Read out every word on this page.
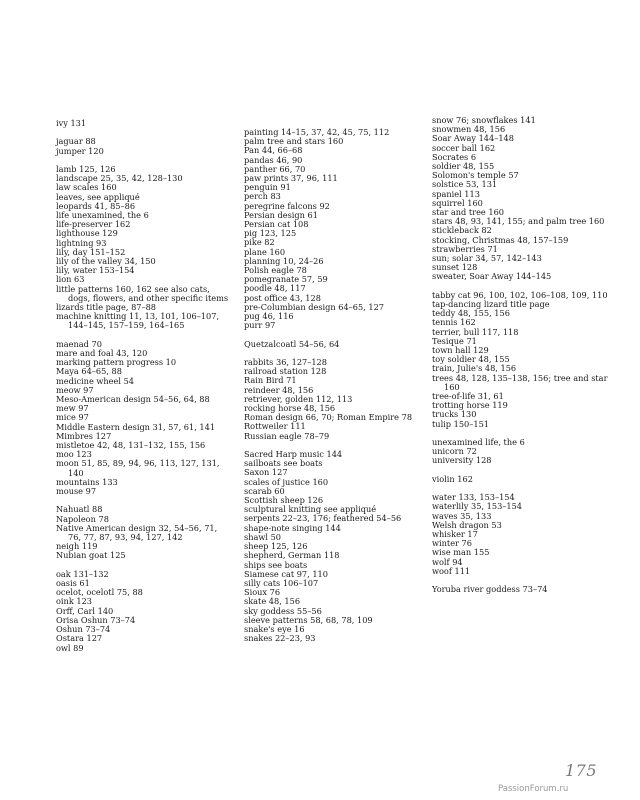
ivy 131
jaguar 88
jumper 120
lamb 125, 126
landscape 25, 35, 42, 128–130
law scales 160
leaves, see appliqué
leopards 41, 85–86
life unexamined, the 6
life-preserver 162
lighthouse 129
lightning 93
lily, day 151–152
lily of the valley 34, 150
lily, water 153–154
lion 63
little patterns 160, 162 see also cats, dogs, flowers, and other specific items
lizards title page, 87–88
machine knitting 11, 13, 101, 106–107, 144–145, 157–159, 164–165
maenad 70
mare and foal 43, 120
marking pattern progress 10
Maya 64–65, 88
medicine wheel 54
meow 97
Meso-American design 54–56, 64, 88
mew 97
mice 97
Middle Eastern design 31, 57, 61, 141
Mimbres 127
mistletoe 42, 48, 131–132, 155, 156
moo 123
moon 51, 85, 89, 94, 96, 113, 127, 131, 140
mountains 133
mouse 97
Nahuatl 88
Napoleon 78
Native American design 32, 54–56, 71, 76, 77, 87, 93, 94, 127, 142
neigh 119
Nubian goat 125
oak 131–132
oasis 61
ocelot, ocelotl 75, 88
oink 123
Orff, Carl 140
Orisa Oshun 73–74
Oshun 73–74
Ostara 127
owl 89
painting 14–15, 37, 42, 45, 75, 112
palm tree and stars 160
Pan 44, 66–68
pandas 46, 90
panther 66, 70
paw prints 37, 96, 111
penguin 91
perch 83
peregrine falcons 92
Persian design 61
Persian cat 108
pig 123, 125
pike 82
plane 160
planning 10, 24–26
Polish eagle 78
pomegranate 57, 59
poodle 48, 117
post office 43, 128
pre-Columbian design 64–65, 127
pug 46, 116
purr 97
Quetzalcoatl 54–56, 64
rabbits 36, 127–128
railroad station 128
Rain Bird 71
reindeer 48, 156
retriever, golden 112, 113
rocking horse 48, 156
Roman design 66, 70; Roman Empire 78
Rottweiler 111
Russian eagle 78–79
Sacred Harp music 144
sailboats see boats
Saxon 127
scales of justice 160
scarab 60
Scottish sheep 126
sculptural knitting see appliqué
serpents 22–23, 176; feathered 54–56
shape-note singing 144
shawl 50
sheep 125, 126
shepherd, German 118
ships see boats
Siamese cat 97, 110
silly cats 106–107
Sioux 76
skate 48, 156
sky goddess 55–56
sleeve patterns 58, 68, 78, 109
snake's eye 16
snakes 22–23, 93
snow 76; snowflakes 141
snowmen 48, 156
Soar Away 144–148
soccer ball 162
Socrates 6
soldier 48, 155
Solomon's temple 57
solstice 53, 131
spaniel 113
squirrel 160
star and tree 160
stars 48, 93, 141, 155; and palm tree 160
stickleback 82
stocking, Christmas 48, 157–159
strawberries 71
sun; solar 34, 57, 142–143
sunset 128
sweater, Soar Away 144–145
tabby cat 96, 100, 102, 106–108, 109, 110
tap-dancing lizard title page
teddy 48, 155, 156
tennis 162
terrier, bull 117, 118
Tesique 71
town hall 129
toy soldier 48, 155
train, Julie's 48, 156
trees 48, 128, 135–138, 156; tree and star 160
tree-of-life 31, 61
trotting horse 119
trucks 130
tulip 150–151
unexamined life, the 6
unicorn 72
university 128
violin 162
water 133, 153–154
waterlily 35, 153–154
waves 35, 133
Welsh dragon 53
whisker 17
winter 76
wise man 155
wolf 94
woof 111
Yoruba river goddess 73–74
175
PassionForum.ru
